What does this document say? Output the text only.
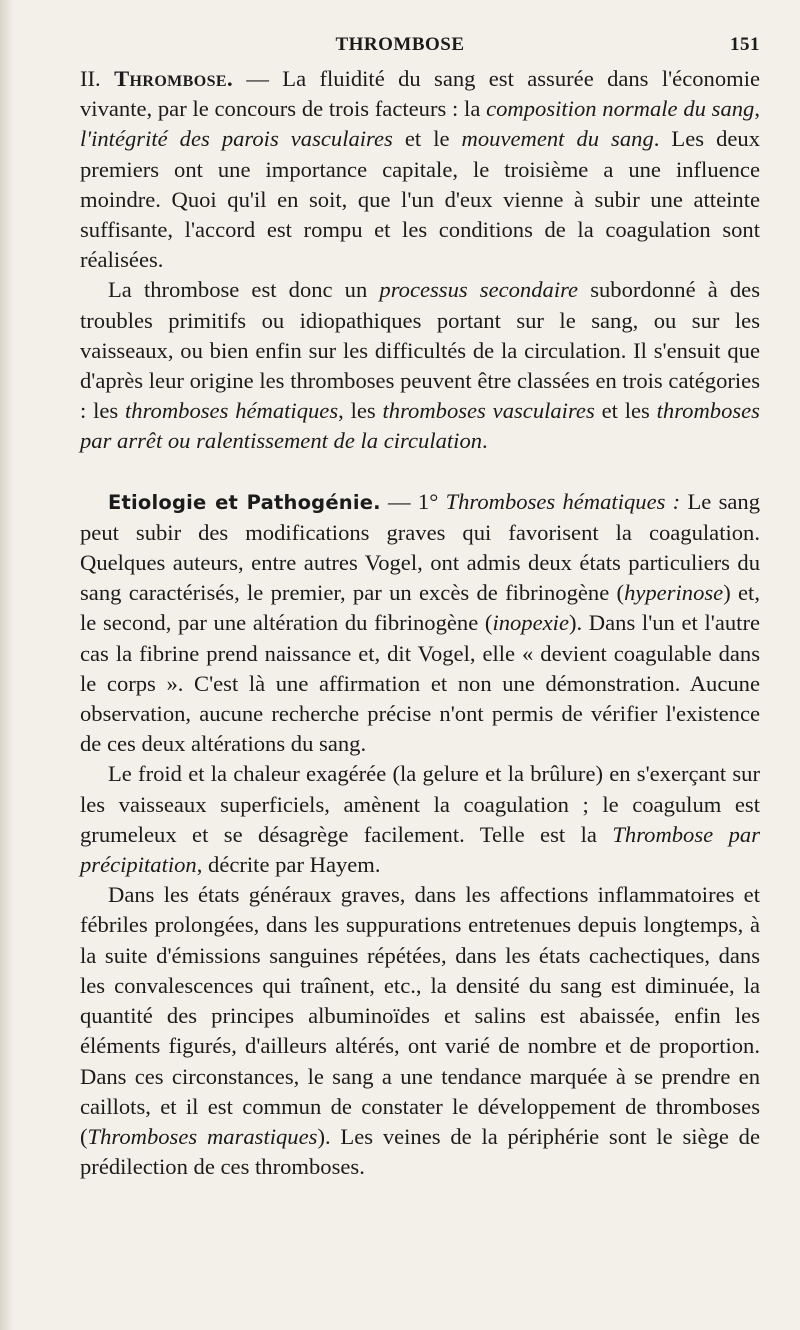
THROMBOSE	151

II. Thrombose. — La fluidité du sang est assurée dans l'économie vivante, par le concours de trois facteurs : la composition normale du sang, l'intégrité des parois vasculaires et le mouvement du sang. Les deux premiers ont une importance capitale, le troisième a une influence moindre. Quoi qu'il en soit, que l'un d'eux vienne à subir une atteinte suffisante, l'accord est rompu et les conditions de la coagulation sont réalisées.

La thrombose est donc un processus secondaire subordonné à des troubles primitifs ou idiopathiques portant sur le sang, ou sur les vaisseaux, ou bien enfin sur les difficultés de la circulation. Il s'ensuit que d'après leur origine les thromboses peuvent être classées en trois catégories : les thromboses hématiques, les thromboses vasculaires et les thromboses par arrêt ou ralentissement de la circulation.

Etiologie et Pathogénie. — 1° Thromboses hématiques : Le sang peut subir des modifications graves qui favorisent la coagulation. Quelques auteurs, entre autres Vogel, ont admis deux états particuliers du sang caractérisés, le premier, par un excès de fibrinogène (hyperinose) et, le second, par une altération du fibrinogène (inopexie). Dans l'un et l'autre cas la fibrine prend naissance et, dit Vogel, elle « devient coagulable dans le corps ». C'est là une affirmation et non une démonstration. Aucune observation, aucune recherche précise n'ont permis de vérifier l'existence de ces deux altérations du sang.

Le froid et la chaleur exagérée (la gelure et la brûlure) en s'exerçant sur les vaisseaux superficiels, amènent la coagulation ; le coagulum est grumeleux et se désagrège facilement. Telle est la Thrombose par précipitation, décrite par Hayem.

Dans les états généraux graves, dans les affections inflammatoires et fébriles prolongées, dans les suppurations entretenues depuis longtemps, à la suite d'émissions sanguines répétées, dans les états cachectiques, dans les convalescences qui traînent, etc., la densité du sang est diminuée, la quantité des principes albuminoïdes et salins est abaissée, enfin les éléments figurés, d'ailleurs altérés, ont varié de nombre et de proportion. Dans ces circonstances, le sang a une tendance marquée à se prendre en caillots, et il est commun de constater le développement de thromboses (Thromboses marastiques). Les veines de la périphérie sont le siège de prédilection de ces thromboses.
